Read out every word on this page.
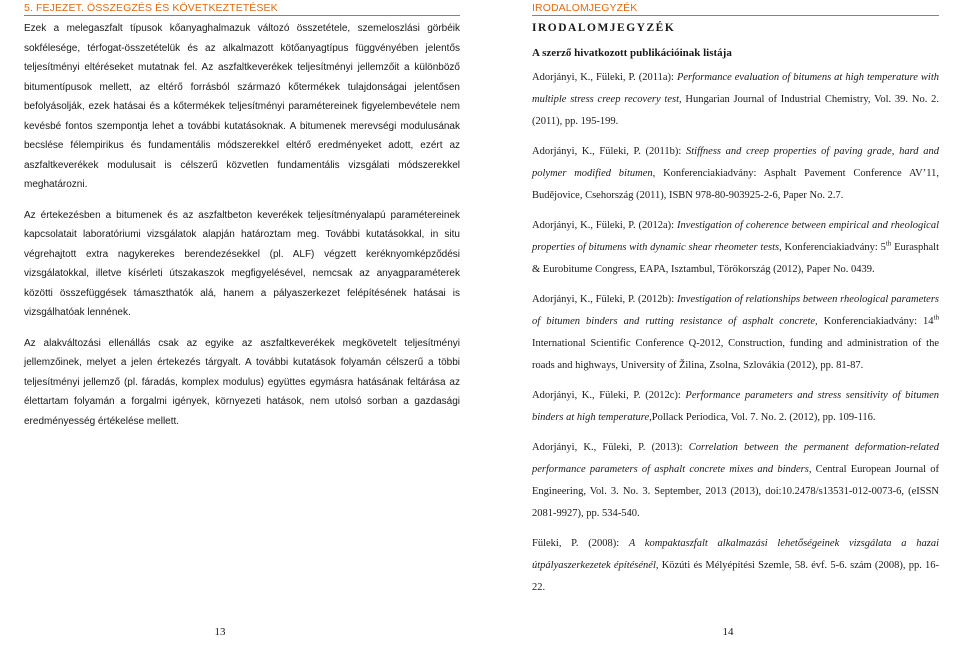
5. FEJEZET. ÖSSZEGZÉS ÉS KÖVETKEZTETÉSEK

Ezek a melegaszfalt típusok kőanyaghalmazuk változó összetétele, szemeloszlási görbéik sokfélesége, térfogat-összetételük és az alkalmazott kötőanyagtípus függvényében jelentős teljesítményi eltéréseket mutatnak fel. Az aszfaltkeverékek teljesítményi jellemzőit a különböző bitumentípusok mellett, az eltérő forrásból származó kőtermékek tulajdonságai jelentősen befolyásolják, ezek hatásai és a kőtermékek teljesítményi paramétereinek figyelembevétele nem kevésbé fontos szempontja lehet a további kutatásoknak. A bitumenek merevségi modulusának becslése félempirikus és fundamentális módszerekkel eltérő eredményeket adott, ezért az aszfaltkeverékek modulusait is célszerű közvetlen fundamentális vizsgálati módszerekkel meghatározni.

Az értekezésben a bitumenek és az aszfaltbeton keverékek teljesítményalapú paramétereinek kapcsolatait laboratóriumi vizsgálatok alapján határoztam meg. További kutatásokkal, in situ végrehajtott extra nagykerekes berendezésekkel (pl. ALF) végzett keréknyomképződési vizsgálatokkal, illetve kísérleti útszakaszok megfigyelésével, nemcsak az anyagparaméterek közötti összefüggések támaszthatók alá, hanem a pályaszerkezet felépítésének hatásai is vizsgálhatóak lennének.

Az alakváltozási ellenállás csak az egyike az aszfaltkeverékek megkövetelt teljesítményi jellemzőinek, melyet a jelen értekezés tárgyalt. A további kutatások folyamán célszerű a többi teljesítményi jellemző (pl. fáradás, komplex modulus) együttes egymásra hatásának feltárása az élettartam folyamán a forgalmi igények, környezeti hatások, nem utolsó sorban a gazdasági eredményesség értékelése mellett.

13
IRODALOMJEGYZÉK
IRODALOMJEGYZÉK
A szerző hivatkozott publikációinak listája

Adorjányi, K., Füleki, P. (2011a): Performance evaluation of bitumens at high temperature with multiple stress creep recovery test, Hungarian Journal of Industrial Chemistry, Vol. 39. No. 2. (2011), pp. 195-199.

Adorjányi, K., Füleki, P. (2011b): Stiffness and creep properties of paving grade, hard and polymer modified bitumen, Konferenciakiadvány: Asphalt Pavement Conference AV’11, Budějovice, Csehország (2011), ISBN 978-80-903925-2-6, Paper No. 2.7.

Adorjányi, K., Füleki, P. (2012a): Investigation of coherence between empirical and rheological properties of bitumens with dynamic shear rheometer tests, Konferenciakiadvány: 5th Eurasphalt & Eurobitume Congress, EAPA, Isztambul, Törökország (2012), Paper No. 0439.

Adorjányi, K., Füleki, P. (2012b): Investigation of relationships between rheological parameters of bitumen binders and rutting resistance of asphalt concrete, Konferenciakiadvány: 14th International Scientific Conference Q-2012, Construction, funding and administration of the roads and highways, University of Žilina, Zsolna, Szlovákia (2012), pp. 81-87.

Adorjányi, K., Füleki, P. (2012c): Performance parameters and stress sensitivity of bitumen binders at high temperature,Pollack Periodica, Vol. 7. No. 2. (2012), pp. 109-116.

Adorjányi, K., Füleki, P. (2013): Correlation between the permanent deformation-related performance parameters of asphalt concrete mixes and binders, Central European Journal of Engineering, Vol. 3. No. 3. September, 2013 (2013), doi:10.2478/s13531-012-0073-6, (eISSN 2081-9927), pp. 534-540.

Füleki, P. (2008): A kompaktaszfalt alkalmazási lehetőségeinek vizsgálata a hazai útpályaszerkezetek építésénél, Közúti és Mélyépítési Szemle, 58. évf. 5-6. szám (2008), pp. 16-22.

14
